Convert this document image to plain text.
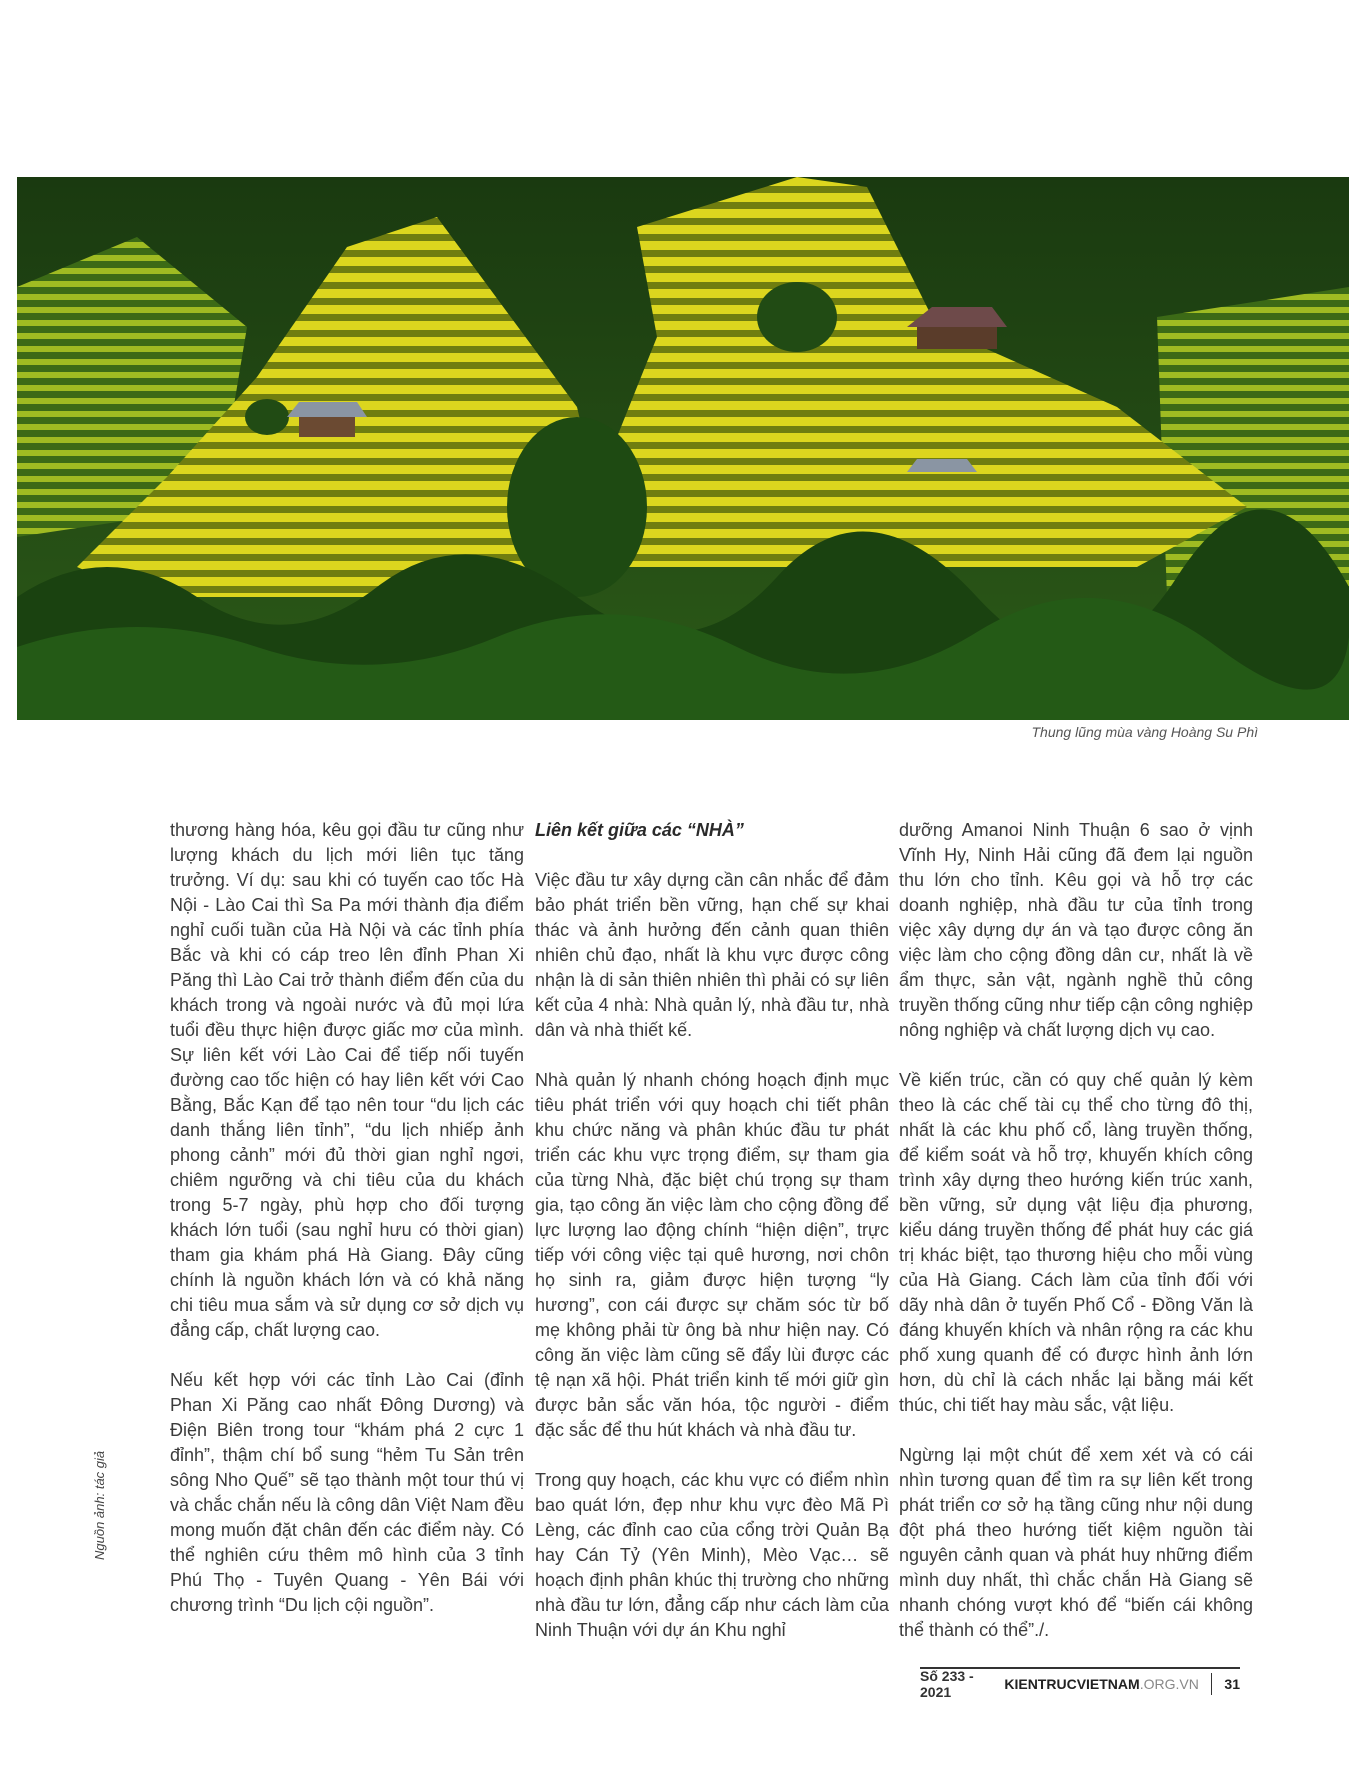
Thung lũng mùa vàng Hoàng Su Phì
Nguồn ảnh: tác giả

thương hàng hóa, kêu gọi đầu tư cũng như lượng khách du lịch mới liên tục tăng trưởng. Ví dụ: sau khi có tuyến cao tốc Hà Nội - Lào Cai thì Sa Pa mới thành địa điểm nghỉ cuối tuần của Hà Nội và các tỉnh phía Bắc và khi có cáp treo lên đỉnh Phan Xi Păng thì Lào Cai trở thành điểm đến của du khách trong và ngoài nước và đủ mọi lứa tuổi đều thực hiện được giấc mơ của mình. Sự liên kết với Lào Cai để tiếp nối tuyến đường cao tốc hiện có hay liên kết với Cao Bằng, Bắc Kạn để tạo nên tour “du lịch các danh thắng liên tỉnh”, “du lịch nhiếp ảnh phong cảnh” mới đủ thời gian nghỉ ngơi, chiêm ngưỡng và chi tiêu của du khách trong 5-7 ngày, phù hợp cho đối tượng khách lớn tuổi (sau nghỉ hưu có thời gian) tham gia khám phá Hà Giang. Đây cũng chính là nguồn khách lớn và có khả năng chi tiêu mua sắm và sử dụng cơ sở dịch vụ đẳng cấp, chất lượng cao.

Nếu kết hợp với các tỉnh Lào Cai (đỉnh Phan Xi Păng cao nhất Đông Dương) và Điện Biên trong tour “khám phá 2 cực 1 đỉnh”, thậm chí bổ sung “hẻm Tu Sản trên sông Nho Quế” sẽ tạo thành một tour thú vị và chắc chắn nếu là công dân Việt Nam đều mong muốn đặt chân đến các điểm này. Có thể nghiên cứu thêm mô hình của 3 tỉnh Phú Thọ - Tuyên Quang - Yên Bái với chương trình “Du lịch cội nguồn”.

Liên kết giữa các “NHÀ”

Việc đầu tư xây dựng cần cân nhắc để đảm bảo phát triển bền vững, hạn chế sự khai thác và ảnh hưởng đến cảnh quan thiên nhiên chủ đạo, nhất là khu vực được công nhận là di sản thiên nhiên thì phải có sự liên kết của 4 nhà: Nhà quản lý, nhà đầu tư, nhà dân và nhà thiết kế.

Nhà quản lý nhanh chóng hoạch định mục tiêu phát triển với quy hoạch chi tiết phân khu chức năng và phân khúc đầu tư phát triển các khu vực trọng điểm, sự tham gia của từng Nhà, đặc biệt chú trọng sự tham gia, tạo công ăn việc làm cho cộng đồng để lực lượng lao động chính “hiện diện”, trực tiếp với công việc tại quê hương, nơi chôn họ sinh ra, giảm được hiện tượng “ly hương”, con cái được sự chăm sóc từ bố mẹ không phải từ ông bà như hiện nay. Có công ăn việc làm cũng sẽ đẩy lùi được các tệ nạn xã hội. Phát triển kinh tế mới giữ gìn được bản sắc văn hóa, tộc người - điểm đặc sắc để thu hút khách và nhà đầu tư.

Trong quy hoạch, các khu vực có điểm nhìn bao quát lớn, đẹp như khu vực đèo Mã Pì Lèng, các đỉnh cao của cổng trời Quản Bạ hay Cán Tỷ (Yên Minh), Mèo Vạc… sẽ hoạch định phân khúc thị trường cho những nhà đầu tư lớn, đẳng cấp như cách làm của Ninh Thuận với dự án Khu nghỉ

dưỡng Amanoi Ninh Thuận 6 sao ở vịnh Vĩnh Hy, Ninh Hải cũng đã đem lại nguồn thu lớn cho tỉnh. Kêu gọi và hỗ trợ các doanh nghiệp, nhà đầu tư của tỉnh trong việc xây dựng dự án và tạo được công ăn việc làm cho cộng đồng dân cư, nhất là về ẩm thực, sản vật, ngành nghề thủ công truyền thống cũng như tiếp cận công nghiệp nông nghiệp và chất lượng dịch vụ cao.

Về kiến trúc, cần có quy chế quản lý kèm theo là các chế tài cụ thể cho từng đô thị, nhất là các khu phố cổ, làng truyền thống, để kiểm soát và hỗ trợ, khuyến khích công trình xây dựng theo hướng kiến trúc xanh, bền vững, sử dụng vật liệu địa phương, kiểu dáng truyền thống để phát huy các giá trị khác biệt, tạo thương hiệu cho mỗi vùng của Hà Giang. Cách làm của tỉnh đối với dãy nhà dân ở tuyến Phố Cổ - Đồng Văn là đáng khuyến khích và nhân rộng ra các khu phố xung quanh để có được hình ảnh lớn hơn, dù chỉ là cách nhắc lại bằng mái kết thúc, chi tiết hay màu sắc, vật liệu.

Ngừng lại một chút để xem xét và có cái nhìn tương quan để tìm ra sự liên kết trong phát triển cơ sở hạ tầng cũng như nội dung đột phá theo hướng tiết kiệm nguồn tài nguyên cảnh quan và phát huy những điểm mình duy nhất, thì chắc chắn Hà Giang sẽ nhanh chóng vượt khó để “biến cái không thể thành có thể”./.

Số 233 - 2021	KIENTRUCVIETNAM .ORG.VN 31
